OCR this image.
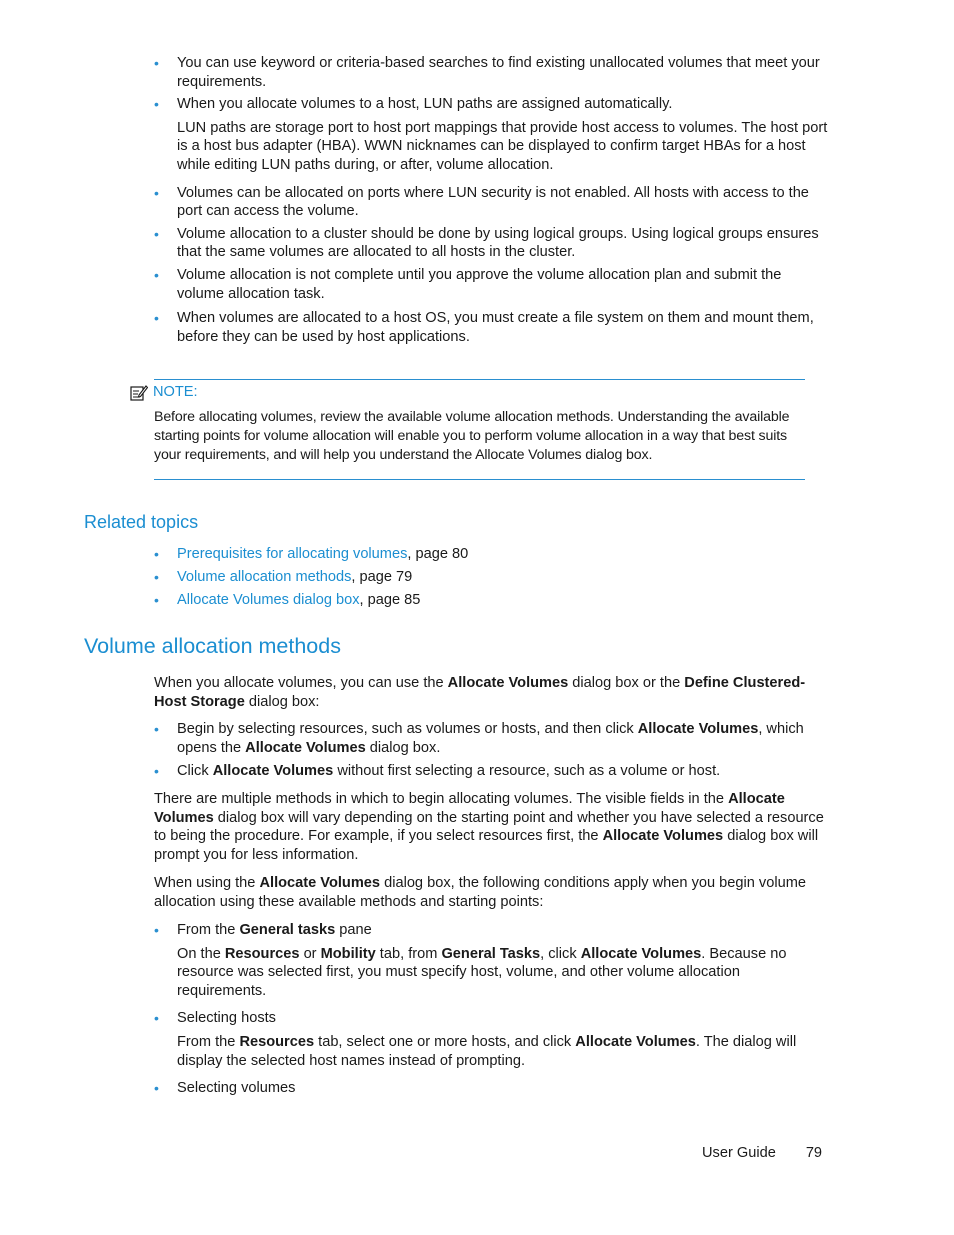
• You can use keyword or criteria-based searches to find existing unallocated volumes that meet your requirements.
• When you allocate volumes to a host, LUN paths are assigned automatically.
LUN paths are storage port to host port mappings that provide host access to volumes. The host port is a host bus adapter (HBA). WWN nicknames can be displayed to confirm target HBAs for a host while editing LUN paths during, or after, volume allocation.
• Volumes can be allocated on ports where LUN security is not enabled. All hosts with access to the port can access the volume.
• Volume allocation to a cluster should be done by using logical groups. Using logical groups ensures that the same volumes are allocated to all hosts in the cluster.
• Volume allocation is not complete until you approve the volume allocation plan and submit the volume allocation task.
• When volumes are allocated to a host OS, you must create a file system on them and mount them, before they can be used by host applications.
NOTE:

Before allocating volumes, review the available volume allocation methods. Understanding the available starting points for volume allocation will enable you to perform volume allocation in a way that best suits your requirements, and will help you understand the Allocate Volumes dialog box.

Related topics
• Prerequisites for allocating volumes, page 80
• Volume allocation methods, page 79
• Allocate Volumes dialog box, page 85
Volume allocation methods

When you allocate volumes, you can use the Allocate Volumes dialog box or the Define Clustered-Host Storage dialog box:

• Begin by selecting resources, such as volumes or hosts, and then click Allocate Volumes, which opens the Allocate Volumes dialog box.
• Click Allocate Volumes without first selecting a resource, such as a volume or host.

There are multiple methods in which to begin allocating volumes. The visible fields in the Allocate Volumes dialog box will vary depending on the starting point and whether you have selected a resource to being the procedure. For example, if you select resources first, the Allocate Volumes dialog box will prompt you for less information.

When using the Allocate Volumes dialog box, the following conditions apply when you begin volume allocation using these available methods and starting points:

• From the General tasks pane
On the Resources or Mobility tab, from General Tasks, click Allocate Volumes. Because no resource was selected first, you must specify host, volume, and other volume allocation requirements.
• Selecting hosts
From the Resources tab, select one or more hosts, and click Allocate Volumes. The dialog will display the selected host names instead of prompting.
• Selecting volumes
User Guide 79
